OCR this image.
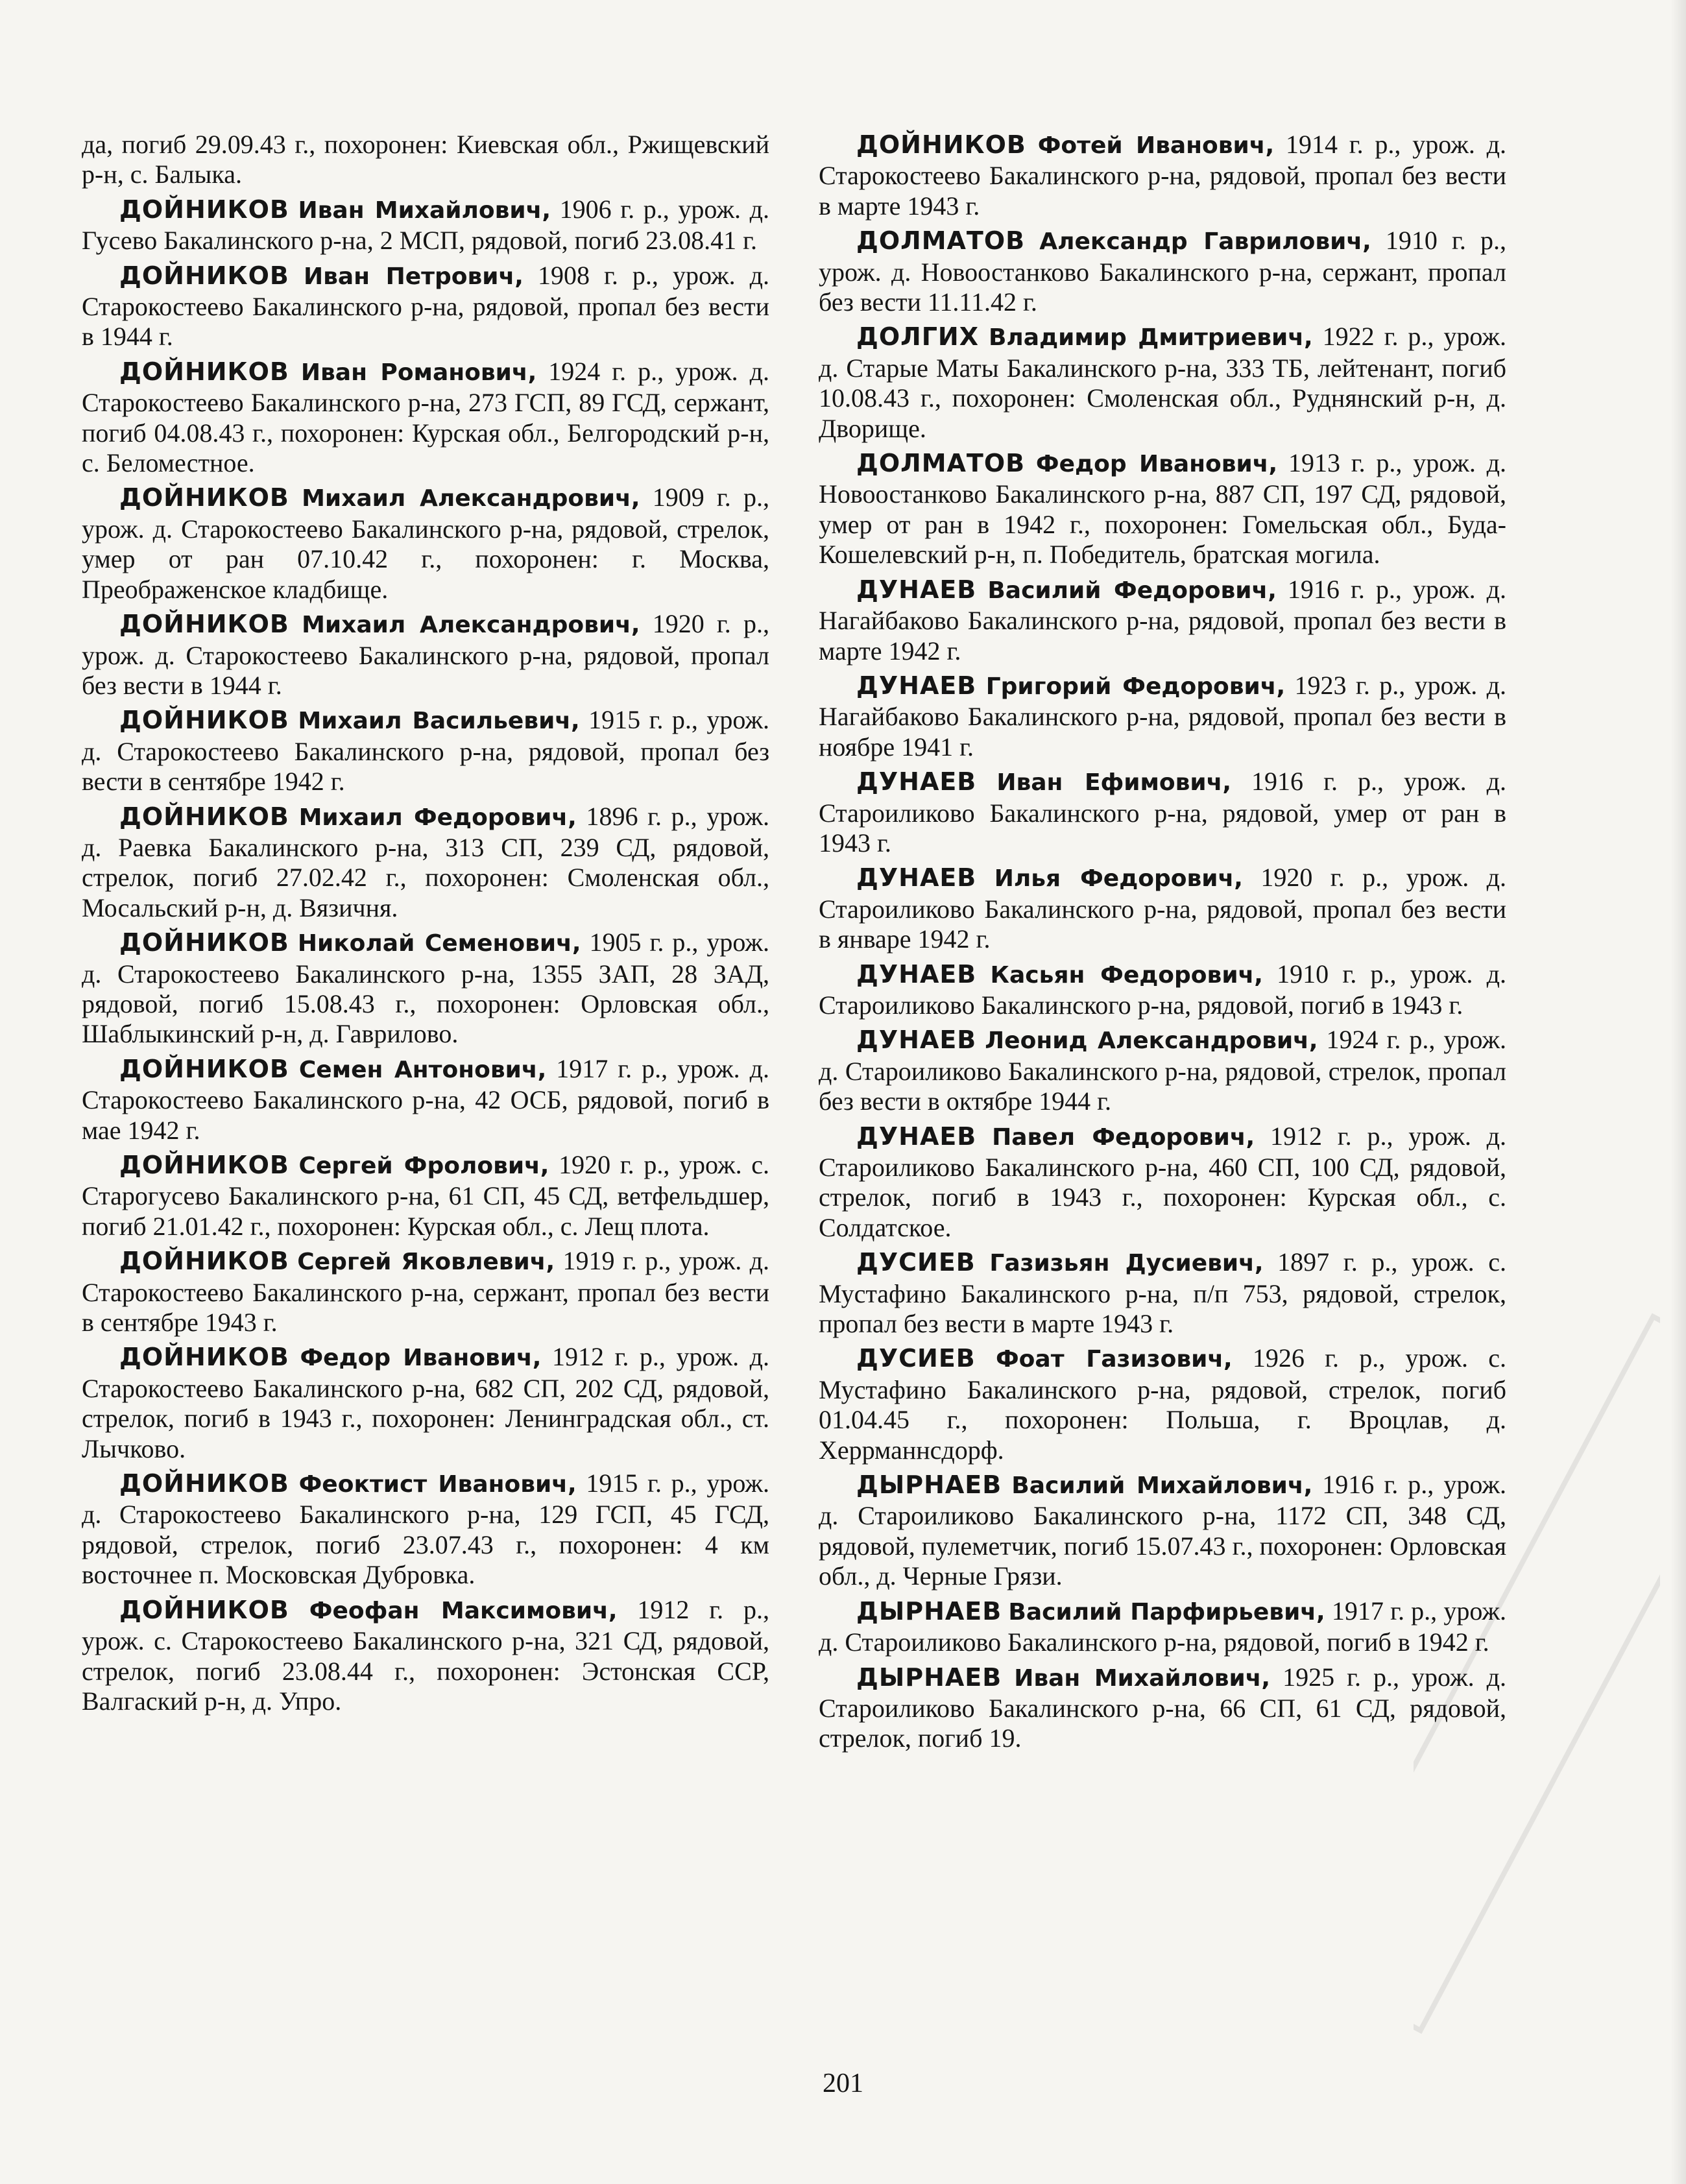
да, погиб 29.09.43 г., похоронен: Киевская обл., Ржищевский р-н, с. Балыка.

ДОЙНИКОВ Иван Михайлович, 1906 г. р., урож. д. Гусево Бакалинского р-на, 2 МСП, рядовой, погиб 23.08.41 г.

ДОЙНИКОВ Иван Петрович, 1908 г. р., урож. д. Старокостеево Бакалинского р-на, рядовой, пропал без вести в 1944 г.

ДОЙНИКОВ Иван Романович, 1924 г. р., урож. д. Старокостеево Бакалинского р-на, 273 ГСП, 89 ГСД, сержант, погиб 04.08.43 г., похоронен: Курская обл., Белгородский р-н, с. Беломестное.

ДОЙНИКОВ Михаил Александрович, 1909 г. р., урож. д. Старокостеево Бакалинского р-на, рядовой, стрелок, умер от ран 07.10.42 г., похоронен: г. Москва, Преображенское кладбище.

ДОЙНИКОВ Михаил Александрович, 1920 г. р., урож. д. Старокостеево Бакалинского р-на, рядовой, пропал без вести в 1944 г.

ДОЙНИКОВ Михаил Васильевич, 1915 г. р., урож. д. Старокостеево Бакалинского р-на, рядовой, пропал без вести в сентябре 1942 г.

ДОЙНИКОВ Михаил Федорович, 1896 г. р., урож. д. Раевка Бакалинского р-на, 313 СП, 239 СД, рядовой, стрелок, погиб 27.02.42 г., похоронен: Смоленская обл., Мосальский р-н, д. Вязичня.

ДОЙНИКОВ Николай Семенович, 1905 г. р., урож. д. Старокостеево Бакалинского р-на, 1355 ЗАП, 28 ЗАД, рядовой, погиб 15.08.43 г., похоронен: Орловская обл., Шаблыкинский р-н, д. Гаврилово.

ДОЙНИКОВ Семен Антонович, 1917 г. р., урож. д. Старокостеево Бакалинского р-на, 42 ОСБ, рядовой, погиб в мае 1942 г.

ДОЙНИКОВ Сергей Фролович, 1920 г. р., урож. с. Старогусево Бакалинского р-на, 61 СП, 45 СД, ветфельдшер, погиб 21.01.42 г., похоронен: Курская обл., с. Лещ плота.

ДОЙНИКОВ Сергей Яковлевич, 1919 г. р., урож. д. Старокостеево Бакалинского р-на, сержант, пропал без вести в сентябре 1943 г.

ДОЙНИКОВ Федор Иванович, 1912 г. р., урож. д. Старокостеево Бакалинского р-на, 682 СП, 202 СД, рядовой, стрелок, погиб в 1943 г., похоронен: Ленинградская обл., ст. Лычково.

ДОЙНИКОВ Феоктист Иванович, 1915 г. р., урож. д. Старокостеево Бакалинского р-на, 129 ГСП, 45 ГСД, рядовой, стрелок, погиб 23.07.43 г., похоронен: 4 км восточнее п. Московская Дубровка.

ДОЙНИКОВ Феофан Максимович, 1912 г. р., урож. с. Старокостеево Бакалинского р-на, 321 СД, рядовой, стрелок, погиб 23.08.44 г., похоронен: Эстонская ССР, Валгаский р-н, д. Упро.

ДОЙНИКОВ Фотей Иванович, 1914 г. р., урож. д. Старокостеево Бакалинского р-на, рядовой, пропал без вести в марте 1943 г.

ДОЛМАТОВ Александр Гаврилович, 1910 г. р., урож. д. Новоостанково Бакалинского р-на, сержант, пропал без вести 11.11.42 г.

ДОЛГИХ Владимир Дмитриевич, 1922 г. р., урож. д. Старые Маты Бакалинского р-на, 333 ТБ, лейтенант, погиб 10.08.43 г., похоронен: Смоленская обл., Руднянский р-н, д. Дворище.

ДОЛМАТОВ Федор Иванович, 1913 г. р., урож. д. Новоостанково Бакалинского р-на, 887 СП, 197 СД, рядовой, умер от ран в 1942 г., похоронен: Гомельская обл., Буда-Кошелевский р-н, п. Победитель, братская могила.

ДУНАЕВ Василий Федорович, 1916 г. р., урож. д. Нагайбаково Бакалинского р-на, рядовой, пропал без вести в марте 1942 г.

ДУНАЕВ Григорий Федорович, 1923 г. р., урож. д. Нагайбаково Бакалинского р-на, рядовой, пропал без вести в ноябре 1941 г.

ДУНАЕВ Иван Ефимович, 1916 г. р., урож. д. Староиликово Бакалинского р-на, рядовой, умер от ран в 1943 г.

ДУНАЕВ Илья Федорович, 1920 г. р., урож. д. Староиликово Бакалинского р-на, рядовой, пропал без вести в январе 1942 г.

ДУНАЕВ Касьян Федорович, 1910 г. р., урож. д. Староиликово Бакалинского р-на, рядовой, погиб в 1943 г.

ДУНАЕВ Леонид Александрович, 1924 г. р., урож. д. Староиликово Бакалинского р-на, рядовой, стрелок, пропал без вести в октябре 1944 г.

ДУНАЕВ Павел Федорович, 1912 г. р., урож. д. Староиликово Бакалинского р-на, 460 СП, 100 СД, рядовой, стрелок, погиб в 1943 г., похоронен: Курская обл., с. Солдатское.

ДУСИЕВ Газизьян Дусиевич, 1897 г. р., урож. с. Мустафино Бакалинского р-на, п/п 753, рядовой, стрелок, пропал без вести в марте 1943 г.

ДУСИЕВ Фоат Газизович, 1926 г. р., урож. с. Мустафино Бакалинского р-на, рядовой, стрелок, погиб 01.04.45 г., похоронен: Польша, г. Вроцлав, д. Херрманнсдорф.

ДЫРНАЕВ Василий Михайлович, 1916 г. р., урож. д. Староиликово Бакалинского р-на, 1172 СП, 348 СД, рядовой, пулеметчик, погиб 15.07.43 г., похоронен: Орловская обл., д. Черные Грязи.

ДЫРНАЕВ Василий Парфирьевич, 1917 г. р., урож. д. Староиликово Бакалинского р-на, рядовой, погиб в 1942 г.

ДЫРНАЕВ Иван Михайлович, 1925 г. р., урож. д. Староиликово Бакалинского р-на, 66 СП, 61 СД, рядовой, стрелок, погиб 19.

201
